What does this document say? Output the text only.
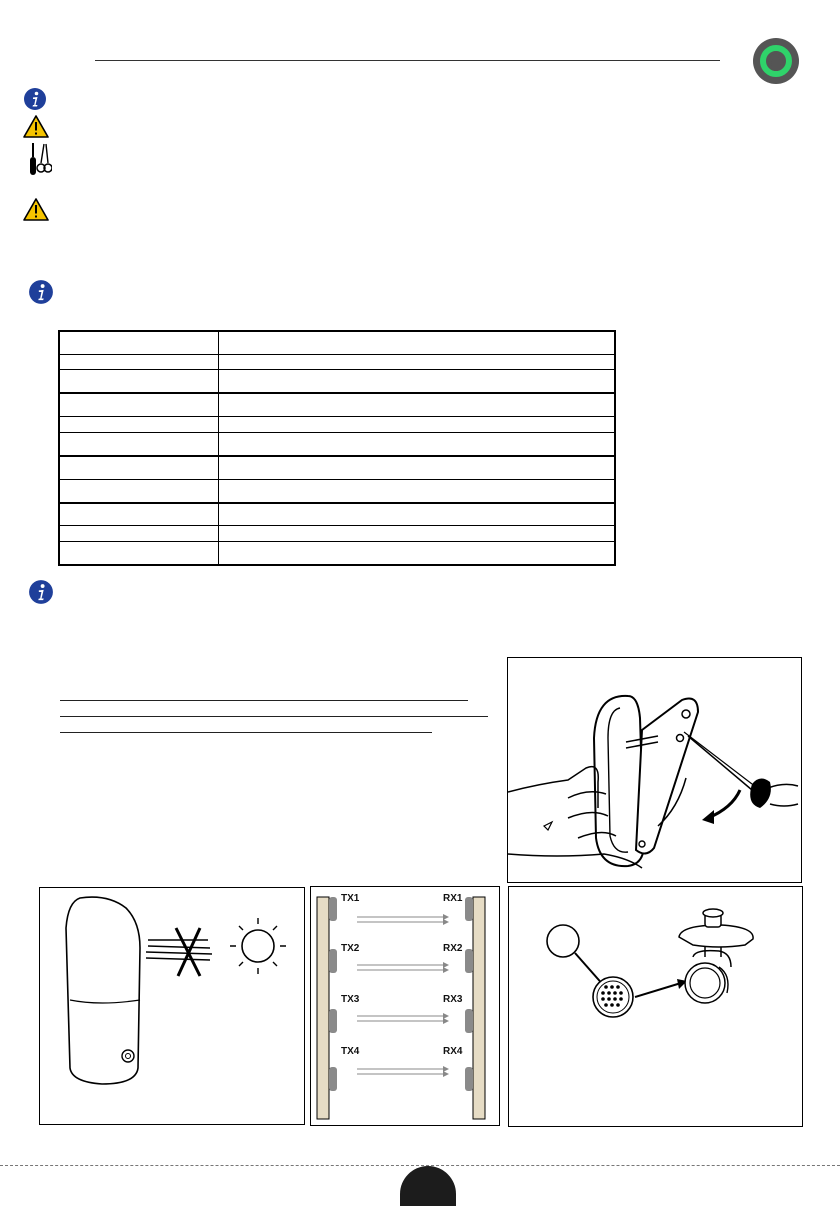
TX1	RX1
TX2	RX2
TX3	RX3
TX4	RX4
